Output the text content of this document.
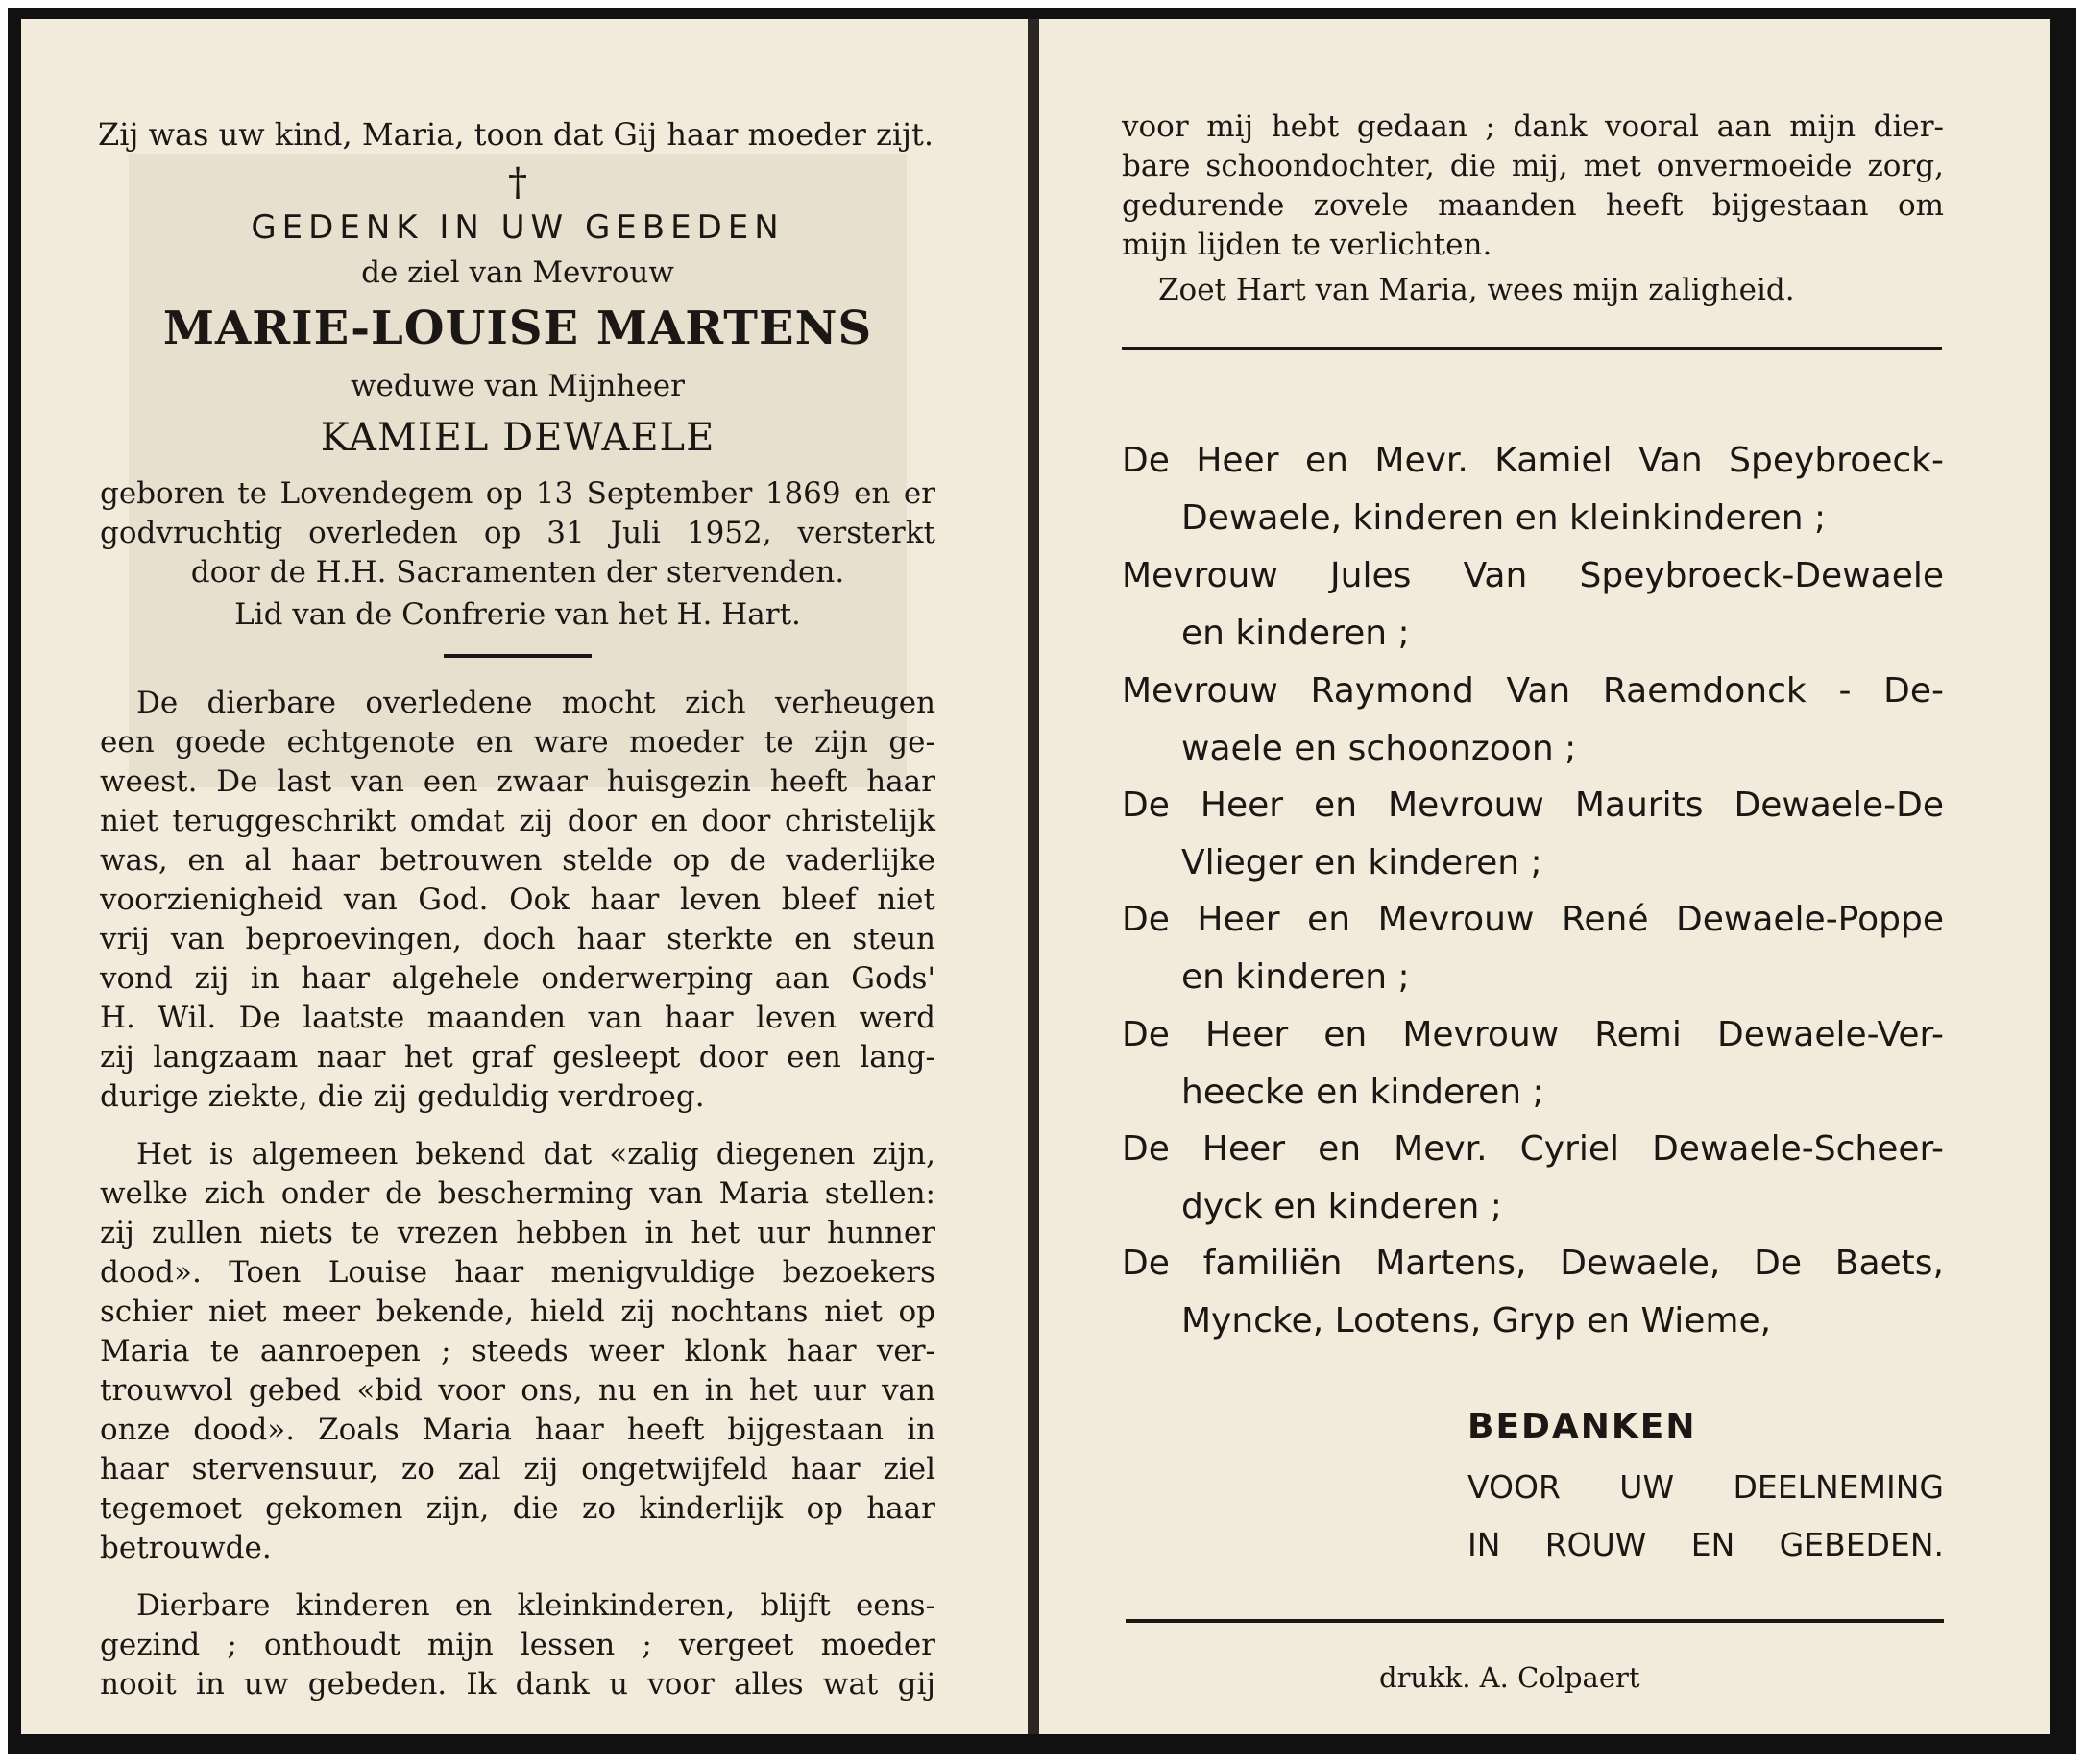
Zij was uw kind, Maria, toon dat Gij haar moeder zijt.
†
GEDENK IN UW GEBEDEN
de ziel van Mevrouw
MARIE-LOUISE MARTENS
weduwe van Mijnheer
KAMIEL DEWAELE
geboren te Lovendegem op 13 September 1869 en er
godvruchtig overleden op 31 Juli 1952, versterkt
door de H.H. Sacramenten der stervenden.
Lid van de Confrerie van het H. Hart.
De dierbare overledene mocht zich verheugen
een goede echtgenote en ware moeder te zijn ge-
weest. De last van een zwaar huisgezin heeft haar
niet teruggeschrikt omdat zij door en door christelijk
was, en al haar betrouwen stelde op de vaderlijke
voorzienigheid van God. Ook haar leven bleef niet
vrij van beproevingen, doch haar sterkte en steun
vond zij in haar algehele onderwerping aan Gods'
H. Wil. De laatste maanden van haar leven werd
zij langzaam naar het graf gesleept door een lang-
durige ziekte, die zij geduldig verdroeg.
Het is algemeen bekend dat «zalig diegenen zijn,
welke zich onder de bescherming van Maria stellen:
zij zullen niets te vrezen hebben in het uur hunner
dood». Toen Louise haar menigvuldige bezoekers
schier niet meer bekende, hield zij nochtans niet op
Maria te aanroepen ; steeds weer klonk haar ver-
trouwvol gebed «bid voor ons, nu en in het uur van
onze dood». Zoals Maria haar heeft bijgestaan in
haar stervensuur, zo zal zij ongetwijfeld haar ziel
tegemoet gekomen zijn, die zo kinderlijk op haar
betrouwde.
Dierbare kinderen en kleinkinderen, blijft eens-
gezind ; onthoudt mijn lessen ; vergeet moeder
nooit in uw gebeden. Ik dank u voor alles wat gij
voor mij hebt gedaan ; dank vooral aan mijn dier-
bare schoondochter, die mij, met onvermoeide zorg,
gedurende zovele maanden heeft bijgestaan om
mijn lijden te verlichten.
Zoet Hart van Maria, wees mijn zaligheid.
De Heer en Mevr. Kamiel Van Speybroeck-
Dewaele, kinderen en kleinkinderen ;
Mevrouw Jules Van Speybroeck-Dewaele
en kinderen ;
Mevrouw Raymond Van Raemdonck - De-
waele en schoonzoon ;
De Heer en Mevrouw Maurits Dewaele-De
Vlieger en kinderen ;
De Heer en Mevrouw René Dewaele-Poppe
en kinderen ;
De Heer en Mevrouw Remi Dewaele-Ver-
heecke en kinderen ;
De Heer en Mevr. Cyriel Dewaele-Scheer-
dyck en kinderen ;
De familiën Martens, Dewaele, De Baets,
Myncke, Lootens, Gryp en Wieme,
BEDANKEN
VOOR UW DEELNEMING
IN ROUW EN GEBEDEN.
drukk. A. Colpaert
